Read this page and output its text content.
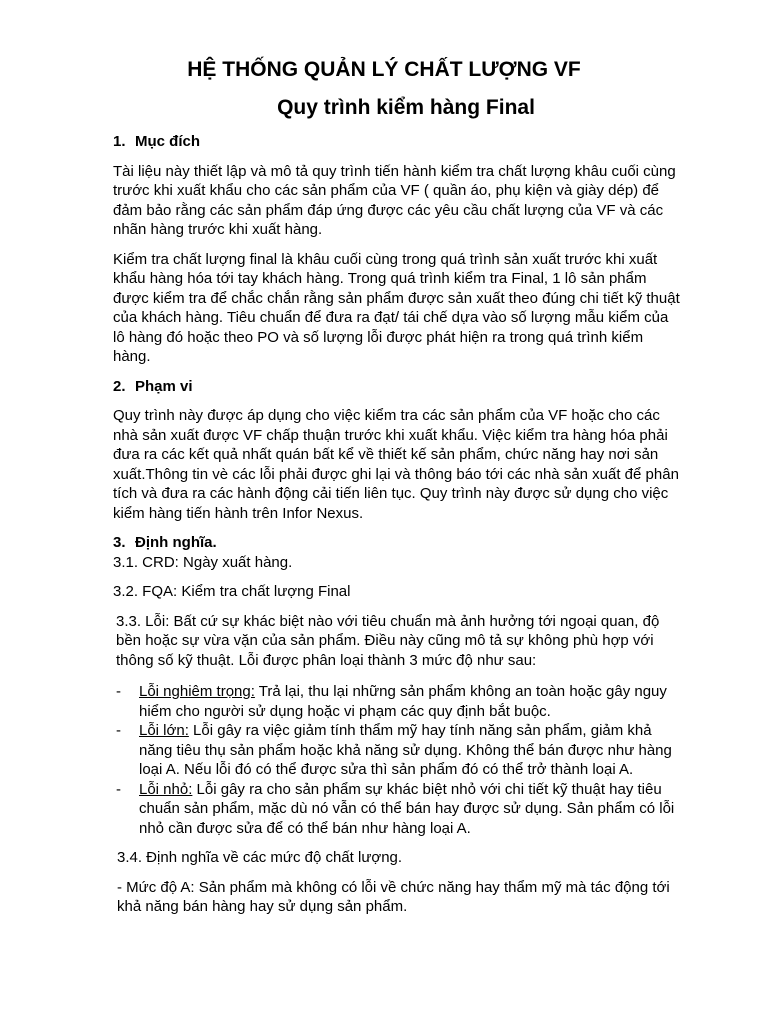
HỆ THỐNG QUẢN LÝ CHẤT LƯỢNG VF
Quy trình kiểm hàng Final
1. Mục đích

Tài liệu này thiết lập và mô tả quy trình tiến hành kiểm tra chất lượng khâu cuối cùng trước khi xuất khẩu cho các sản phẩm của VF ( quần áo, phụ kiện và giày dép) để đảm bảo rằng các sản phẩm đáp ứng được các yêu cầu chất lượng của VF và các nhãn hàng trước khi xuất hàng.

Kiểm tra chất lượng final là khâu cuối cùng trong quá trình sản xuất trước khi xuất khẩu hàng hóa tới tay khách hàng. Trong quá trình kiểm tra Final, 1 lô sản phẩm được kiểm tra để chắc chắn rằng sản phẩm được sản xuất theo đúng chi tiết kỹ thuật của khách hàng. Tiêu chuẩn để đưa ra đạt/ tái chế dựa vào số lượng mẫu kiểm của lô hàng đó hoặc theo PO và số lượng lỗi được phát hiện ra trong quá trình kiểm hàng.

2. Phạm vi

Quy trình này được áp dụng cho việc kiểm tra các sản phẩm của VF hoặc cho các nhà sản xuất được VF chấp thuận trước khi xuất khẩu. Việc kiểm tra hàng hóa phải đưa ra các kết quả nhất quán bất kể về thiết kế sản phẩm, chức năng hay nơi sản xuất.Thông tin vè các lỗi phải được ghi lại và thông báo tới các nhà sản xuất để phân tích và đưa ra các hành động cải tiến liên tục. Quy trình này được sử dụng cho việc kiểm hàng tiến hành trên Infor Nexus.

3. Định nghĩa.

3.1. CRD: Ngày xuất hàng.

3.2. FQA: Kiểm tra chất lượng Final

3.3. Lỗi: Bất cứ sự khác biệt nào với tiêu chuẩn mà ảnh hưởng tới ngoại quan, độ bền hoặc sự vừa vặn của sản phẩm. Điều này cũng mô tả sự không phù hợp với thông số kỹ thuật. Lỗi được phân loại thành 3 mức độ như sau:

- Lỗi nghiêm trọng: Trả lại, thu lại những sản phẩm không an toàn hoặc gây nguy hiểm cho người sử dụng hoặc vi phạm các quy định bắt buộc.
- Lỗi lớn: Lỗi gây ra việc giảm tính thẩm mỹ hay tính năng sản phẩm, giảm khả năng tiêu thụ sản phẩm hoặc khả năng sử dụng. Không thể bán được như hàng loại A. Nếu lỗi đó có thể được sửa thì sản phẩm đó có thể trở thành loại A.
- Lỗi nhỏ: Lỗi gây ra cho sản phẩm sự khác biệt nhỏ với chi tiết kỹ thuật hay tiêu chuẩn sản phẩm, mặc dù nó vẫn có thể bán hay được sử dụng. Sản phẩm có lỗi nhỏ cần được sửa để có thể bán như hàng loại A.

3.4. Định nghĩa về các mức độ chất lượng.

- Mức độ A: Sản phẩm mà không có lỗi về chức năng hay thẩm mỹ mà tác động tới khả năng bán hàng hay sử dụng sản phẩm.
